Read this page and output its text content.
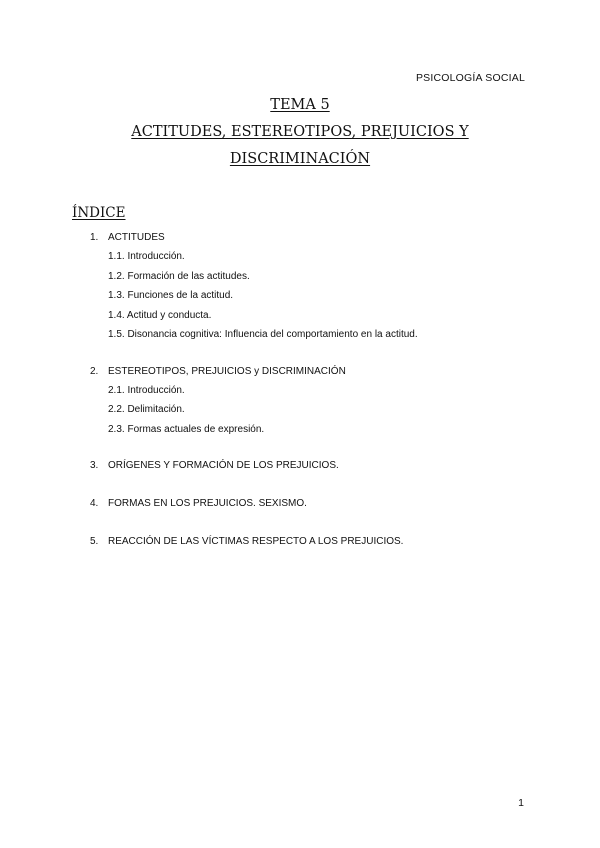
PSICOLOGÍA SOCIAL
TEMA 5
ACTITUDES, ESTEREOTIPOS, PREJUICIOS Y
DISCRIMINACIÓN
ÍNDICE
1. ACTITUDES
1.1. Introducción.
1.2. Formación de las actitudes.
1.3. Funciones de la actitud.
1.4. Actitud y conducta.
1.5. Disonancia cognitiva: Influencia del comportamiento en la actitud.
2. ESTEREOTIPOS, PREJUICIOS y DISCRIMINACIÓN
2.1. Introducción.
2.2. Delimitación.
2.3. Formas actuales de expresión.
3. ORÍGENES Y FORMACIÓN DE LOS PREJUICIOS.
4. FORMAS EN LOS PREJUICIOS. SEXISMO.
5. REACCIÓN DE LAS VÍCTIMAS RESPECTO A LOS PREJUICIOS.
1
